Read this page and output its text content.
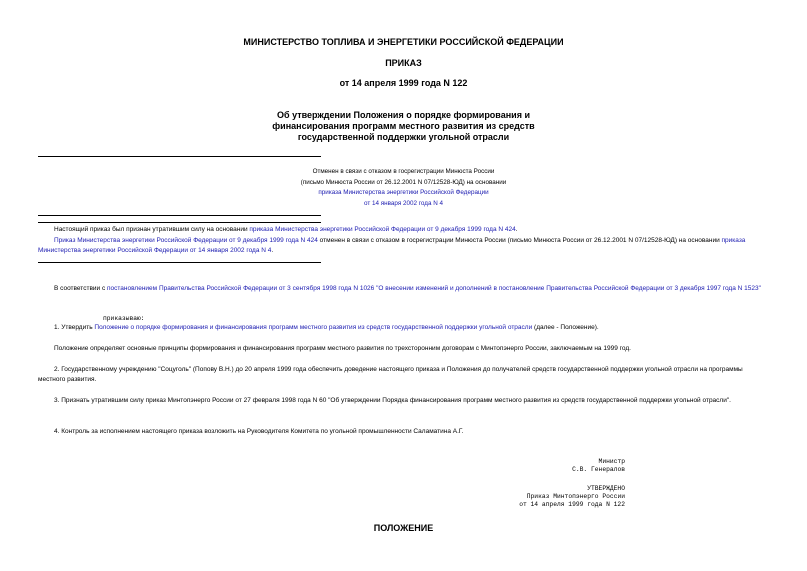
МИНИСТЕРСТВО ТОПЛИВА И ЭНЕРГЕТИКИ РОССИЙСКОЙ ФЕДЕРАЦИИ
ПРИКАЗ
от 14 апреля 1999 года N 122
Об утверждении Положения о порядке формирования и
финансирования программ местного развития из средств
государственной поддержки угольной отрасли
Отменен в связи с отказом в госрегистрации Минюста России
(письмо Минюста России от 26.12.2001 N 07/12528-ЮД) на основании
приказа Министерства энергетики Российской Федерации
от 14 января 2002 года N 4
Настоящий приказ был признан утратившим силу на основании приказа Министерства энергетики Российской Федерации от 9 декабря 1999 года N 424.
Приказ Министерства энергетики Российской Федерации от 9 декабря 1999 года N 424 отменен в связи с отказом в госрегистрации Минюста России (письмо Минюста России от 26.12.2001 N 07/12528-ЮД) на основании приказа Министерства энергетики Российской Федерации от 14 января 2002 года N 4.
В соответствии с постановлением Правительства Российской Федерации от 3 сентября 1998 года N 1026 "О внесении изменений и дополнений в постановление Правительства Российской Федерации от 3 декабря 1997 года N 1523"
приказываю:
1. Утвердить Положение о порядке формирования и финансирования программ местного развития из средств государственной поддержки угольной отрасли (далее - Положение).
Положение определяет основные принципы формирования и финансирования программ местного развития по трехсторонним договорам с Минтопэнерго России, заключаемым на 1999 год.
2. Государственному учреждению "Соцуголь" (Попову В.Н.) до 20 апреля 1999 года обеспечить доведение настоящего приказа и Положения до получателей средств государственной поддержки угольной отрасли на программы местного развития.
3. Признать утратившим силу приказ Минтопэнерго России от 27 февраля 1998 года N 60 "Об утверждении Порядка финансирования программ местного развития из средств государственной поддержки угольной отрасли".
4. Контроль за исполнением настоящего приказа возложить на Руководителя Комитета по угольной промышленности Саламатина А.Г.
Министр
С.В. Генералов
УТВЕРЖДЕНО
Приказ Минтопэнерго России
от 14 апреля 1999 года N 122
ПОЛОЖЕНИЕ
